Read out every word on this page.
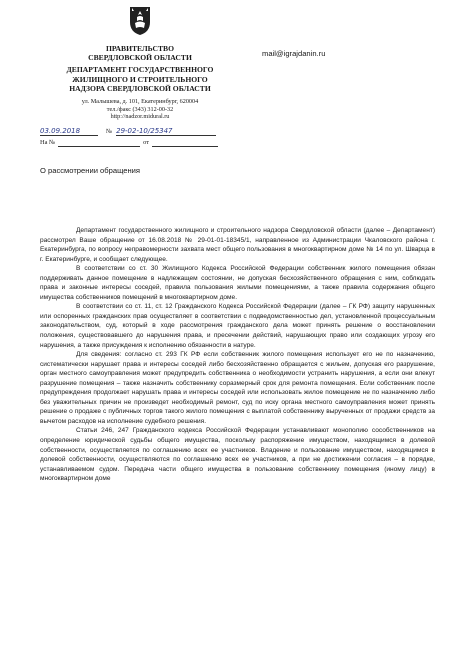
ПРАВИТЕЛЬСТВО
СВЕРДЛОВСКОЙ ОБЛАСТИ
ДЕПАРТАМЕНТ ГОСУДАРСТВЕННОГО
ЖИЛИЩНОГО И СТРОИТЕЛЬНОГО
НАДЗОРА СВЕРДЛОВСКОЙ ОБЛАСТИ
ул. Малышева, д. 101, Екатеринбург, 620004
тел./факс (343) 312-00-32
http://nadzor.midural.ru
03.09.2018	№ 29-02-10/25347
На №	от
mail@igrajdanin.ru
О рассмотрении обращения

Департамент государственного жилищного и строительного надзора Свердловской области (далее – Департамент) рассмотрел Ваше обращение от 16.08.2018 № 29-01-01-18345/1, направленное из Администрации Чкаловского района г. Екатеринбурга, по вопросу неправомерности захвата мест общего пользования в многоквартирном доме № 14 по ул. Шварца в г. Екатеринбурге, и сообщает следующее.

В соответствии со ст. 30 Жилищного Кодекса Российской Федерации собственник жилого помещения обязан поддерживать данное помещение в надлежащем состоянии, не допуская бесхозяйственного обращения с ним, соблюдать права и законные интересы соседей, правила пользования жилыми помещениями, а также правила содержания общего имущества собственников помещений в многоквартирном доме.

В соответствии со ст. 11, ст. 12 Гражданского Кодекса Российской Федерации (далее – ГК РФ) защиту нарушенных или оспоренных гражданских прав осуществляет в соответствии с подведомственностью дел, установленной процессуальным законодательством, суд, который в ходе рассмотрения гражданского дела может принять решение о восстановлении положения, существовавшего до нарушения права, и пресечении действий, нарушающих право или создающих угрозу его нарушения, а также присуждения к исполнению обязанности в натуре.

Для сведения: согласно ст. 293 ГК РФ если собственник жилого помещения использует его не по назначению, систематически нарушает права и интересы соседей либо бесхозяйственно обращается с жильем, допуская его разрушение, орган местного самоуправления может предупредить собственника о необходимости устранить нарушения, а если они влекут разрушение помещения – также назначить собственнику соразмерный срок для ремонта помещения. Если собственник после предупреждения продолжает нарушать права и интересы соседей или использовать жилое помещение не по назначению либо без уважительных причин не произведет необходимый ремонт, суд по иску органа местного самоуправления может принять решение о продаже с публичных торгов такого жилого помещения с выплатой собственнику вырученных от продажи средств за вычетом расходов на исполнение судебного решения.

Статьи 246, 247 Гражданского кодекса Российской Федерации устанавливают монополию сособственников на определение юридической судьбы общего имущества, поскольку распоряжение имуществом, находящимся в долевой собственности, осуществляется по соглашению всех ее участников. Владение и пользование имуществом, находящимся в долевой собственности, осуществляются по соглашению всех ее участников, а при не достижении согласия – в порядке, устанавливаемом судом. Передача части общего имущества в пользование собственнику помещения (иному лицу) в многоквартирном доме
